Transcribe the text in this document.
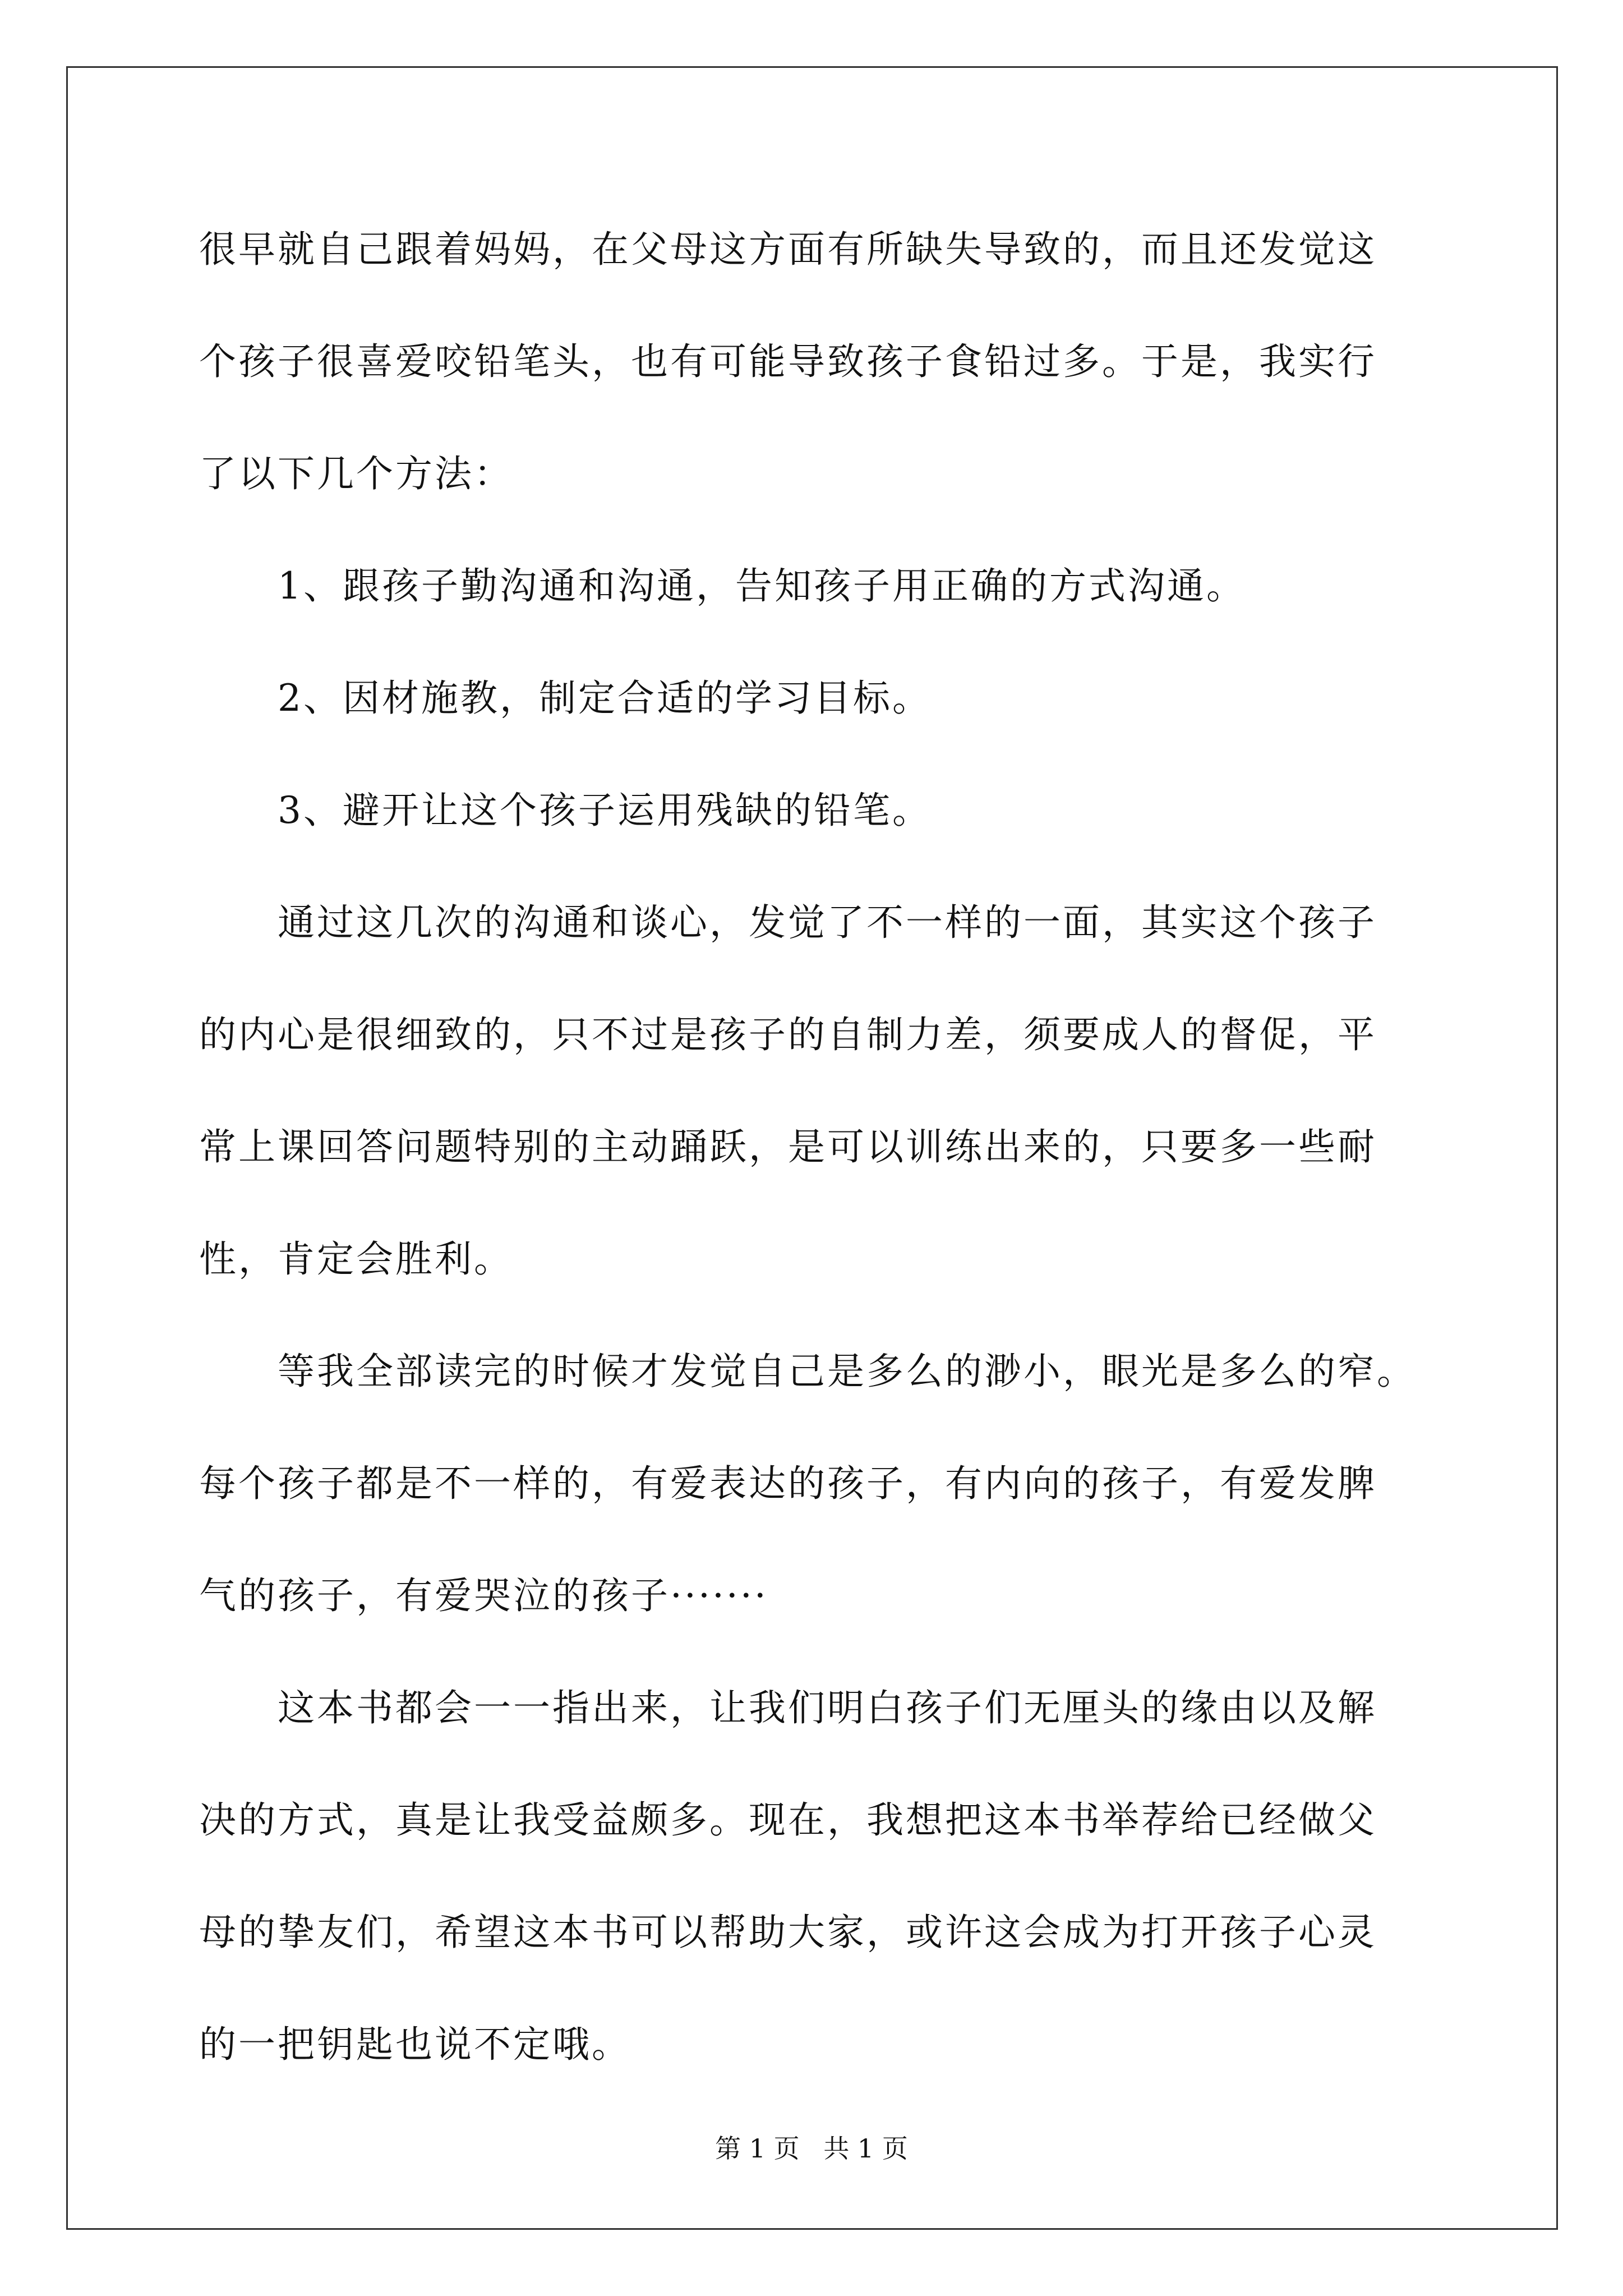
很早就自己跟着妈妈，在父母这方面有所缺失导致的，而且还发觉这
个孩子很喜爱咬铅笔头，也有可能导致孩子食铅过多。于是，我实行
了以下几个方法：
　　1、跟孩子勤沟通和沟通，告知孩子用正确的方式沟通。
　　2、因材施教，制定合适的学习目标。
　　3、避开让这个孩子运用残缺的铅笔。
　　通过这几次的沟通和谈心，发觉了不一样的一面，其实这个孩子
的内心是很细致的，只不过是孩子的自制力差，须要成人的督促，平
常上课回答问题特别的主动踊跃，是可以训练出来的，只要多一些耐
性，肯定会胜利。
　　等我全部读完的时候才发觉自己是多么的渺小，眼光是多么的窄。
每个孩子都是不一样的，有爱表达的孩子，有内向的孩子，有爱发脾
气的孩子，有爱哭泣的孩子·······
　　这本书都会一一指出来，让我们明白孩子们无厘头的缘由以及解
决的方式，真是让我受益颇多。现在，我想把这本书举荐给已经做父
母的挚友们，希望这本书可以帮助大家，或许这会成为打开孩子心灵
的一把钥匙也说不定哦。
第 1 页 共 1 页
